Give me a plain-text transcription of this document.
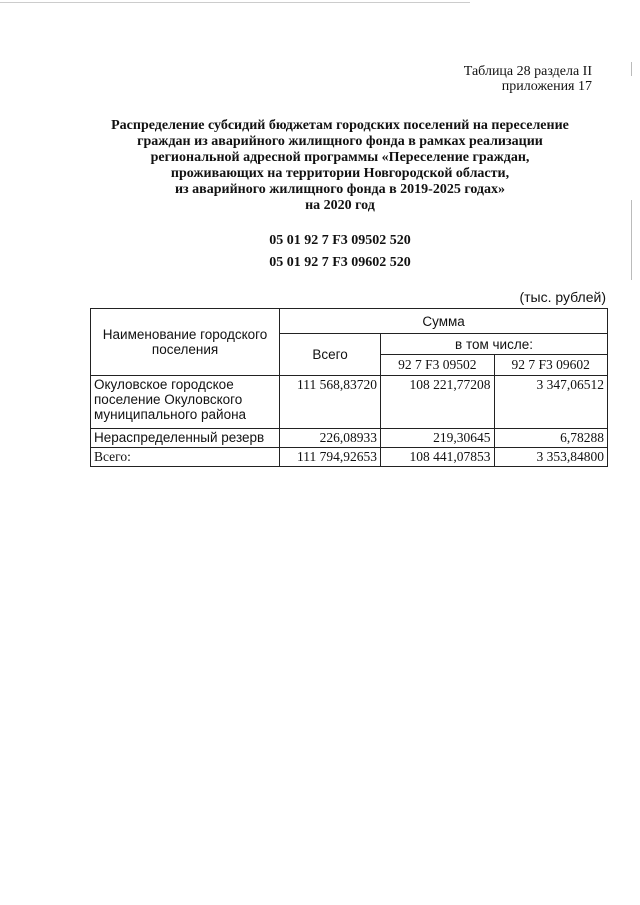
Таблица 28 раздела II
приложения 17
Распределение субсидий бюджетам городских поселений на переселение
граждан из аварийного жилищного фонда в рамках реализации
региональной адресной программы «Переселение граждан,
проживающих на территории Новгородской области,
из аварийного жилищного фонда в 2019-2025 годах»
на 2020 год
05 01 92 7 F3 09502 520
05 01 92 7 F3 09602 520
(тыс. рублей)
Наименование городского поселения	Сумма		
	Всего	в том числе:	
		92 7 F3 09502	92 7 F3 09602
Окуловское городское поселение Окуловского муниципального района	111 568,83720	108 221,77208	3 347,06512
Нераспределенный резерв	226,08933	219,30645	6,78288
Всего:	111 794,92653	108 441,07853	3 353,84800
